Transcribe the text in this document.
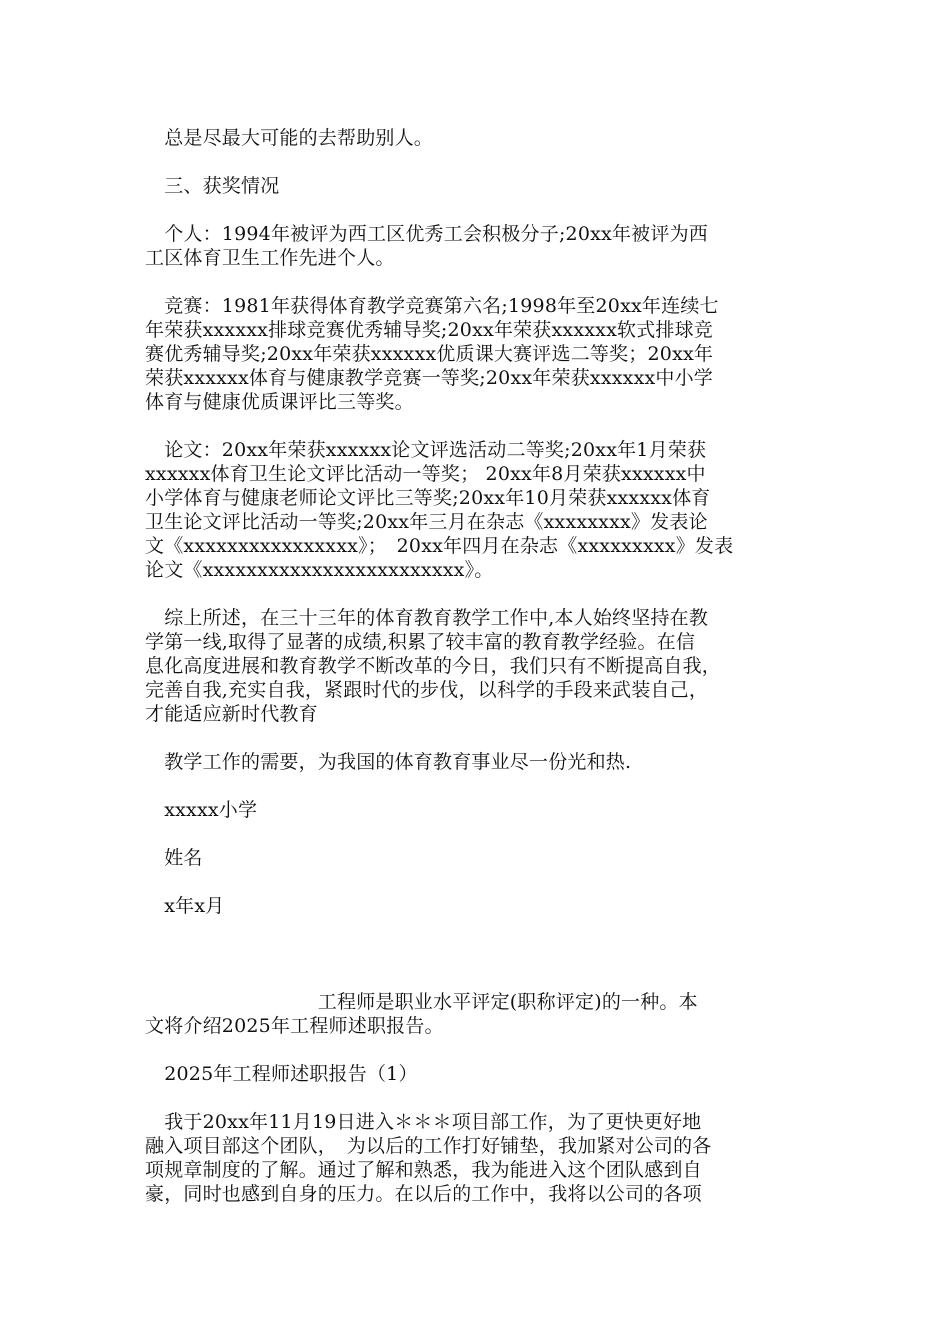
　总是尽最大可能的去帮助别人。
　三、获奖情况
　个人：1994年被评为西工区优秀工会积极分子;20xx年被评为西
工区体育卫生工作先进个人。
　竞赛：1981年获得体育教学竞赛第六名;1998年至20xx年连续七
年荣获xxxxxx排球竞赛优秀辅导奖;20xx年荣获xxxxxx软式排球竞
赛优秀辅导奖;20xx年荣获xxxxxx优质课大赛评选二等奖；20xx年
荣获xxxxxx体育与健康教学竞赛一等奖;20xx年荣获xxxxxx中小学
体育与健康优质课评比三等奖。
　论文：20xx年荣获xxxxxx论文评选活动二等奖;20xx年1月荣获
xxxxxx体育卫生论文评比活动一等奖； 20xx年8月荣获xxxxxx中
小学体育与健康老师论文评比三等奖;20xx年10月荣获xxxxxx体育
卫生论文评比活动一等奖;20xx年三月在杂志《xxxxxxxx》发表论
文《xxxxxxxxxxxxxxxx》；　20xx年四月在杂志《xxxxxxxxx》发表
论文《xxxxxxxxxxxxxxxxxxxxxxxx》。
　综上所述，在三十三年的体育教育教学工作中,本人始终坚持在教
学第一线,取得了显著的成绩,积累了较丰富的教育教学经验。在信
息化高度进展和教育教学不断改革的今日，我们只有不断提高自我，
完善自我,充实自我，紧跟时代的步伐，以科学的手段来武装自己，
才能适应新时代教育
　教学工作的需要，为我国的体育教育事业尽一份光和热.
　xxxxx小学
　姓名
　x年x月
　　　　　　　　　工程师是职业水平评定(职称评定)的一种。本
文将介绍2025年工程师述职报告。
　2025年工程师述职报告（1）
　我于20xx年11月19日进入＊＊＊项目部工作，为了更快更好地
融入项目部这个团队，　为以后的工作打好铺垫，我加紧对公司的各
项规章制度的了解。通过了解和熟悉，我为能进入这个团队感到自
豪，同时也感到自身的压力。在以后的工作中，我将以公司的各项
